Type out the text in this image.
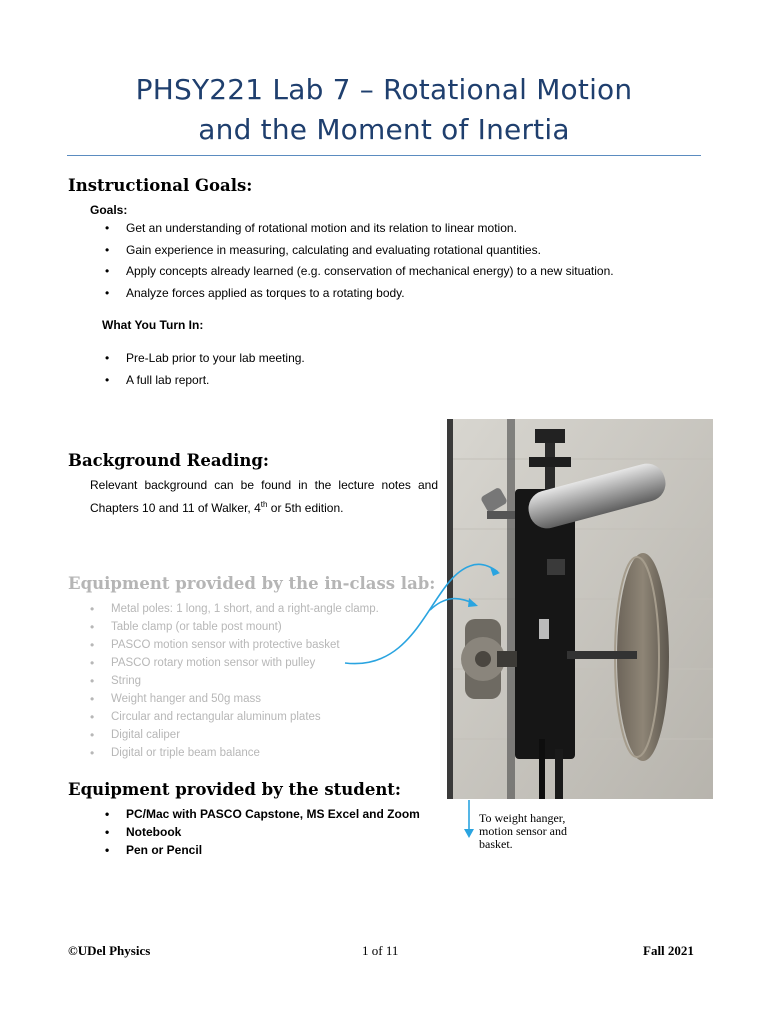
PHSY221 Lab 7 – Rotational Motion
and the Moment of Inertia
Instructional Goals:
Goals:
• Get an understanding of rotational motion and its relation to linear motion.
• Gain experience in measuring, calculating and evaluating rotational quantities.
• Apply concepts already learned (e.g. conservation of mechanical energy) to a new situation.
• Analyze forces applied as torques to a rotating body.
What You Turn In:
• Pre-Lab prior to your lab meeting.
• A full lab report.
Background Reading:
Relevant background can be found in the lecture notes and Chapters 10 and 11 of Walker, 4th or 5th edition.
Equipment provided by the in-class lab:
• Metal poles: 1 long, 1 short, and a right-angle clamp.
• Table clamp (or table post mount)
• PASCO motion sensor with protective basket
• PASCO rotary motion sensor with pulley
• String
• Weight hanger and 50g mass
• Circular and rectangular aluminum plates
• Digital caliper
• Digital or triple beam balance
Equipment provided by the student:
• PC/Mac with PASCO Capstone, MS Excel and Zoom
• Notebook
• Pen or Pencil
To weight hanger, motion sensor and basket.
©UDel Physics	1 of 11	Fall 2021
